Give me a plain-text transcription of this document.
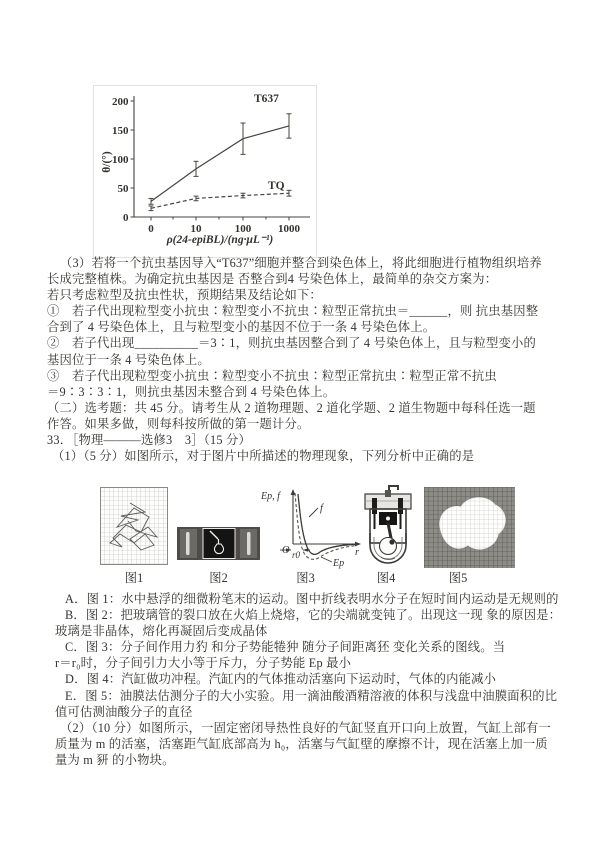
0
50
100
150
200
0	10	100 1000
T637
TQ
θ/(°)
ρ(24-epiBL)/(ng·μL⁻¹)
（3）若将一个抗虫基因导入“T637”细胞并整合到染色体上，将此细胞进行植物组织培养
长成完整植株。为确定抗虫基因是 否整合到4 号染色体上，最简单的杂交方案为：
若只考虑粒型及抗虫性状，预期结果及结论如下：
①　若子代出现粒型变小抗虫∶粒型变小不抗虫∶粒型正常抗虫＝______，则 抗虫基因整
合到了 4 号染色体上，且与粒型变小的基因不位于一条 4 号染色体上。
②　若子代出现__________＝3∶1，则抗虫基因整合到了 4 号染色体上，且与粒型变小的
基因位于一条 4 号染色体上。
③　若子代出现粒型变小抗虫∶粒型变小不抗虫∶粒型正常抗虫∶粒型正常不抗虫
＝9∶3∶3∶1，则抗虫基因未整合到 4 号染色体上。
（二）选考题：共 45 分。请考生从 2 道物理题、2 道化学题、2 道生物题中每科任选一题
作答。如果多做，则每科按所做的第一题计分。
33．［物理———选修3　3］（15 分）
（1）（5 分）如图所示，对于图片中所描述的物理现象，下列分析中正确的是
Ep, f
f
O r0
Ep
r
图1	图2	图3	图4	图5
A．图 1：水中悬浮的细微粉笔末的运动。图中折线表明水分子在短时间内运动是无规则的
B．图 2：把玻璃管的裂口放在火焰上烧熔，它的尖端就变钝了。出现这一现 象的原因是：
玻璃是非晶体，熔化再凝固后变成晶体
C．图 3：分子间作用力犳 和分子势能犈狆 随分子间距离狉 变化关系的图线。当
r＝r₀时，分子间引力大小等于斥力，分子势能 Ep 最小
D．图 4：汽缸做功冲程。汽缸内的气体推动活塞向下运动时，气体的内能减小
E．图 5：油膜法估测分子的大小实验。用一滴油酸酒精溶液的体积与浅盘中油膜面积的比
值可估测油酸分子的直径
（2）（10 分）如图所示，一固定密闭导热性良好的气缸竖直开口向上放置，气缸上部有一
质量为 m 的活塞，活塞距气缸底部高为 h₀，活塞与气缸壁的摩擦不计，现在活塞上加一质
量为 m 豜 的小物块。
